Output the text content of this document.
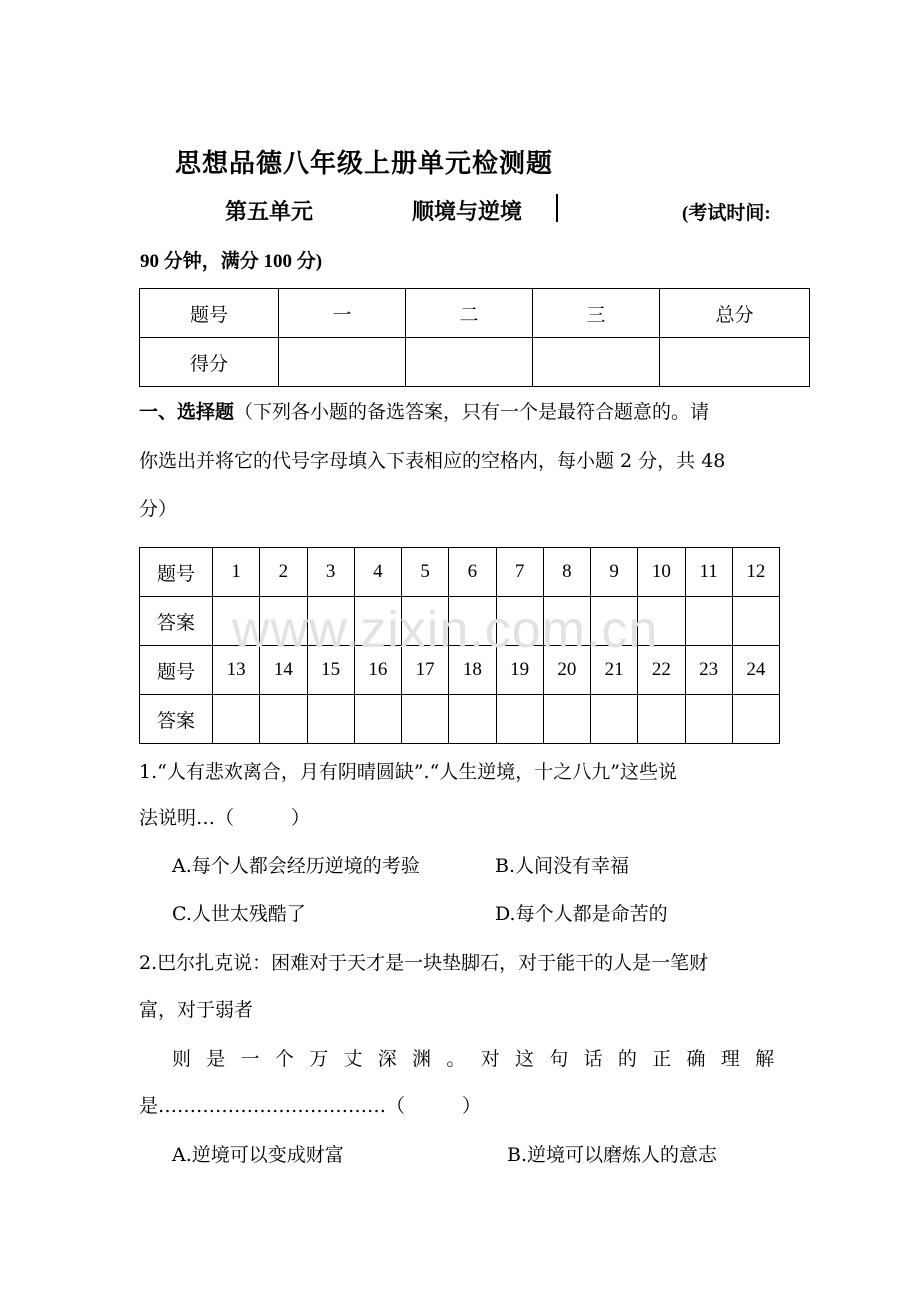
思想品德八年级上册单元检测题
第五单元	顺境与逆境	(考试时间:
90 分钟，满分 100 分)
题号	一	二	三	总分
得分				
一、选择题（下列各小题的备选答案，只有一个是最符合题意的。请
你选出并将它的代号字母填入下表相应的空格内，每小题 2 分，共 48
分）
题号	1	2	3	4	5	6	7	8	9	10	11	12
答案												
题号	13	14	15	16	17	18	19	20	21	22	23	24
答案												
www.zixin.com.cn
1.“人有悲欢离合，月有阴晴圆缺”.“人生逆境，十之八九”这些说
法说明…（　　　）
A.每个人都会经历逆境的考验	B.人间没有幸福
C.人世太残酷了	D.每个人都是命苦的
2.巴尔扎克说：困难对于天才是一块垫脚石，对于能干的人是一笔财
富，对于弱者
则是一个万丈深渊。对这句话的正确理解
是………………………………（　　　）
A.逆境可以变成财富	B.逆境可以磨炼人的意志
